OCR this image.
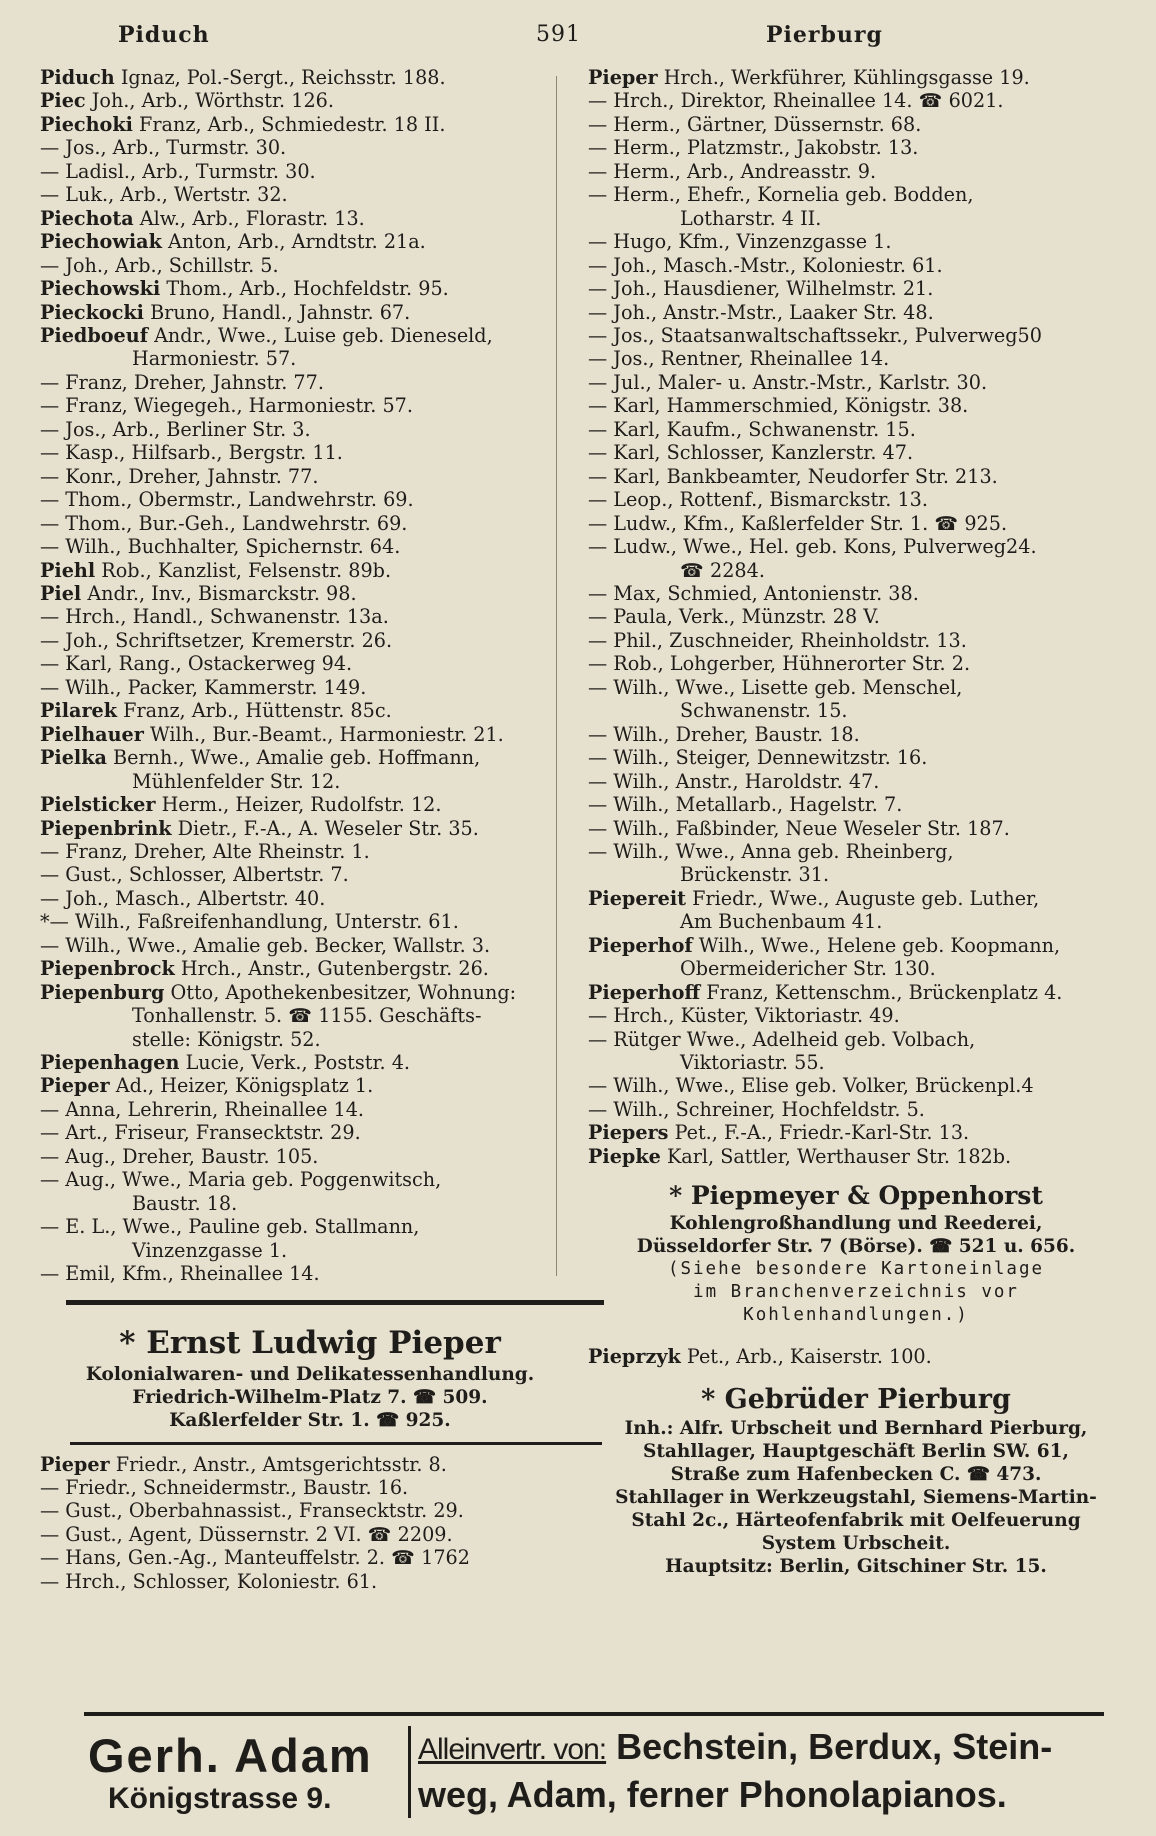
Piduch	591	Pierburg

Piduch Ignaz, Pol.-Sergt., Reichsstr. 188.

Piec Joh., Arb., Wörthstr. 126.

Piechoki Franz, Arb., Schmiedestr. 18 II.

— Jos., Arb., Turmstr. 30.

— Ladisl., Arb., Turmstr. 30.

— Luk., Arb., Wertstr. 32.

Piechota Alw., Arb., Florastr. 13.

Piechowiak Anton, Arb., Arndtstr. 21a.

— Joh., Arb., Schillstr. 5.

Piechowski Thom., Arb., Hochfeldstr. 95.

Pieckocki Bruno, Handl., Jahnstr. 67.

Piedboeuf Andr., Wwe., Luise geb. Dieneseld,

Harmoniestr. 57.

— Franz, Dreher, Jahnstr. 77.

— Franz, Wiegegeh., Harmoniestr. 57.

— Jos., Arb., Berliner Str. 3.

— Kasp., Hilfsarb., Bergstr. 11.

— Konr., Dreher, Jahnstr. 77.

— Thom., Obermstr., Landwehrstr. 69.

— Thom., Bur.-Geh., Landwehrstr. 69.

— Wilh., Buchhalter, Spichernstr. 64.

Piehl Rob., Kanzlist, Felsenstr. 89b.

Piel Andr., Inv., Bismarckstr. 98.

— Hrch., Handl., Schwanenstr. 13a.

— Joh., Schriftsetzer, Kremerstr. 26.

— Karl, Rang., Ostackerweg 94.

— Wilh., Packer, Kammerstr. 149.

Pilarek Franz, Arb., Hüttenstr. 85c.

Pielhauer Wilh., Bur.-Beamt., Harmoniestr. 21.

Pielka Bernh., Wwe., Amalie geb. Hoffmann,

Mühlenfelder Str. 12.

Pielsticker Herm., Heizer, Rudolfstr. 12.

Piepenbrink Dietr., F.-A., A. Weseler Str. 35.

— Franz, Dreher, Alte Rheinstr. 1.

— Gust., Schlosser, Albertstr. 7.

— Joh., Masch., Albertstr. 40.

*— Wilh., Faßreifenhandlung, Unterstr. 61.

— Wilh., Wwe., Amalie geb. Becker, Wallstr. 3.

Piepenbrock Hrch., Anstr., Gutenbergstr. 26.

Piepenburg Otto, Apothekenbesitzer, Wohnung:

Tonhallenstr. 5. ☎ 1155. Geschäfts-

stelle: Königstr. 52.

Piepenhagen Lucie, Verk., Poststr. 4.

Pieper Ad., Heizer, Königsplatz 1.

— Anna, Lehrerin, Rheinallee 14.

— Art., Friseur, Fransecktstr. 29.

— Aug., Dreher, Baustr. 105.

— Aug., Wwe., Maria geb. Poggenwitsch,

Baustr. 18.

— E. L., Wwe., Pauline geb. Stallmann,

Vinzenzgasse 1.

— Emil, Kfm., Rheinallee 14.

* Ernst Ludwig Pieper
Kolonialwaren- und Delikatessenhandlung.
Friedrich-Wilhelm-Platz 7. ☎ 509.
Kaßlerfelder Str. 1. ☎ 925.

Pieper Friedr., Anstr., Amtsgerichtsstr. 8.

— Friedr., Schneidermstr., Baustr. 16.

— Gust., Oberbahnassist., Fransecktstr. 29.

— Gust., Agent, Düssernstr. 2 VI. ☎ 2209.

— Hans, Gen.-Ag., Manteuffelstr. 2. ☎ 1762

— Hrch., Schlosser, Koloniestr. 61.

Pieper Hrch., Werkführer, Kühlingsgasse 19.

— Hrch., Direktor, Rheinallee 14. ☎ 6021.

— Herm., Gärtner, Düssernstr. 68.

— Herm., Platzmstr., Jakobstr. 13.

— Herm., Arb., Andreasstr. 9.

— Herm., Ehefr., Kornelia geb. Bodden,

Lotharstr. 4 II.

— Hugo, Kfm., Vinzenzgasse 1.

— Joh., Masch.-Mstr., Koloniestr. 61.

— Joh., Hausdiener, Wilhelmstr. 21.

— Joh., Anstr.-Mstr., Laaker Str. 48.

— Jos., Staatsanwaltschaftssekr., Pulverweg50

— Jos., Rentner, Rheinallee 14.

— Jul., Maler- u. Anstr.-Mstr., Karlstr. 30.

— Karl, Hammerschmied, Königstr. 38.

— Karl, Kaufm., Schwanenstr. 15.

— Karl, Schlosser, Kanzlerstr. 47.

— Karl, Bankbeamter, Neudorfer Str. 213.

— Leop., Rottenf., Bismarckstr. 13.

— Ludw., Kfm., Kaßlerfelder Str. 1. ☎ 925.

— Ludw., Wwe., Hel. geb. Kons, Pulverweg24.

☎ 2284.

— Max, Schmied, Antonienstr. 38.

— Paula, Verk., Münzstr. 28 V.

— Phil., Zuschneider, Rheinholdstr. 13.

— Rob., Lohgerber, Hühnerorter Str. 2.

— Wilh., Wwe., Lisette geb. Menschel,

Schwanenstr. 15.

— Wilh., Dreher, Baustr. 18.

— Wilh., Steiger, Dennewitzstr. 16.

— Wilh., Anstr., Haroldstr. 47.

— Wilh., Metallarb., Hagelstr. 7.

— Wilh., Faßbinder, Neue Weseler Str. 187.

— Wilh., Wwe., Anna geb. Rheinberg,

Brückenstr. 31.

Piepereit Friedr., Wwe., Auguste geb. Luther,

Am Buchenbaum 41.

Pieperhof Wilh., Wwe., Helene geb. Koopmann,

Obermeidericher Str. 130.

Pieperhoff Franz, Kettenschm., Brückenplatz 4.

— Hrch., Küster, Viktoriastr. 49.

— Rütger Wwe., Adelheid geb. Volbach,

Viktoriastr. 55.

— Wilh., Wwe., Elise geb. Volker, Brückenpl.4

— Wilh., Schreiner, Hochfeldstr. 5.

Piepers Pet., F.-A., Friedr.-Karl-Str. 13.

Piepke Karl, Sattler, Werthauser Str. 182b.

* Piepmeyer & Oppenhorst
Kohlengroßhandlung und Reederei,
Düsseldorfer Str. 7 (Börse). ☎ 521 u. 656.
(Siehe besondere Kartoneinlage
im Branchenverzeichnis vor
Kohlenhandlungen.)

Pieprzyk Pet., Arb., Kaiserstr. 100.

* Gebrüder Pierburg
Inh.: Alfr. Urbscheit und Bernhard Pierburg,
Stahllager, Hauptgeschäft Berlin SW. 61,
Straße zum Hafenbecken C. ☎ 473.
Stahllager in Werkzeugstahl, Siemens-Martin-
Stahl 2c., Härteofenfabrik mit Oelfeuerung
System Urbscheit.
Hauptsitz: Berlin, Gitschiner Str. 15.
Gerh. Adam
Königstrasse 9.
Alleinvertr. von: Bechstein, Berdux, Stein-
weg, Adam, ferner Phonolapianos.
